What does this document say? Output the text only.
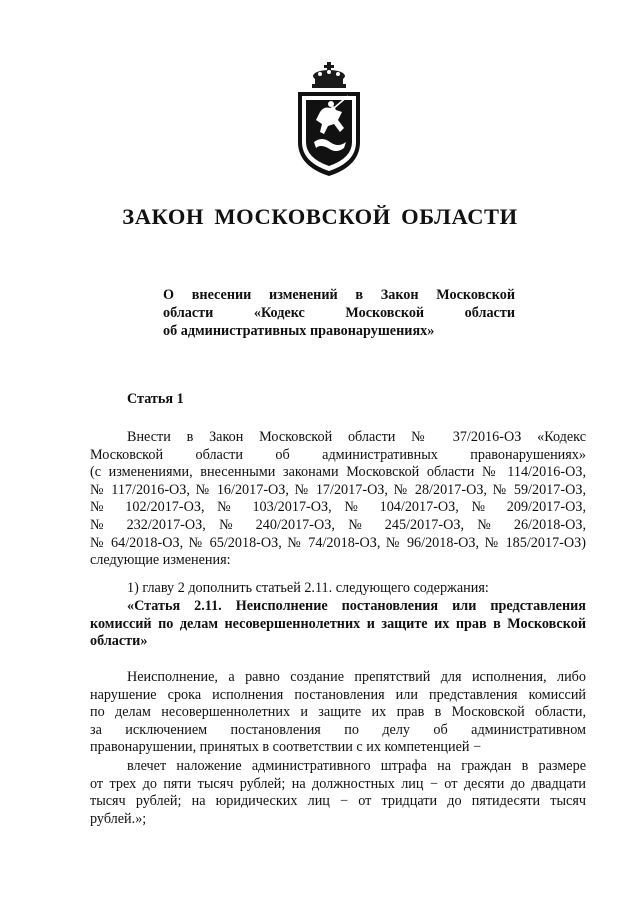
ЗАКОН МОСКОВСКОЙ ОБЛАСТИ
О внесении изменений в Закон Московской
области «Кодекс Московской области
об административных правонарушениях»
Статья 1
Внести в Закон Московской области № 37/2016-ОЗ «Кодекс
Московской области об административных правонарушениях»
(с изменениями, внесенными законами Московской области № 114/2016-ОЗ,
№ 117/2016-ОЗ, № 16/2017-ОЗ, № 17/2017-ОЗ, № 28/2017-ОЗ, № 59/2017-ОЗ,
№ 102/2017-ОЗ, № 103/2017-ОЗ, № 104/2017-ОЗ, № 209/2017-ОЗ,
№ 232/2017-ОЗ, № 240/2017-ОЗ, № 245/2017-ОЗ, № 26/2018-ОЗ,
№ 64/2018-ОЗ, № 65/2018-ОЗ, № 74/2018-ОЗ, № 96/2018-ОЗ, № 185/2017-ОЗ)
следующие изменения:
1) главу 2 дополнить статьей 2.11. следующего содержания:
«Статья 2.11. Неисполнение постановления или представления
комиссий по делам несовершеннолетних и защите их прав в Московской
области»
Неисполнение, а равно создание препятствий для исполнения, либо
нарушение срока исполнения постановления или представления комиссий
по делам несовершеннолетних и защите их прав в Московской области,
за исключением постановления по делу об административном
правонарушении, принятых в соответствии с их компетенцией −
влечет наложение административного штрафа на граждан в размере
от трех до пяти тысяч рублей; на должностных лиц − от десяти до двадцати
тысяч рублей; на юридических лиц − от тридцати до пятидесяти тысяч
рублей.»;
